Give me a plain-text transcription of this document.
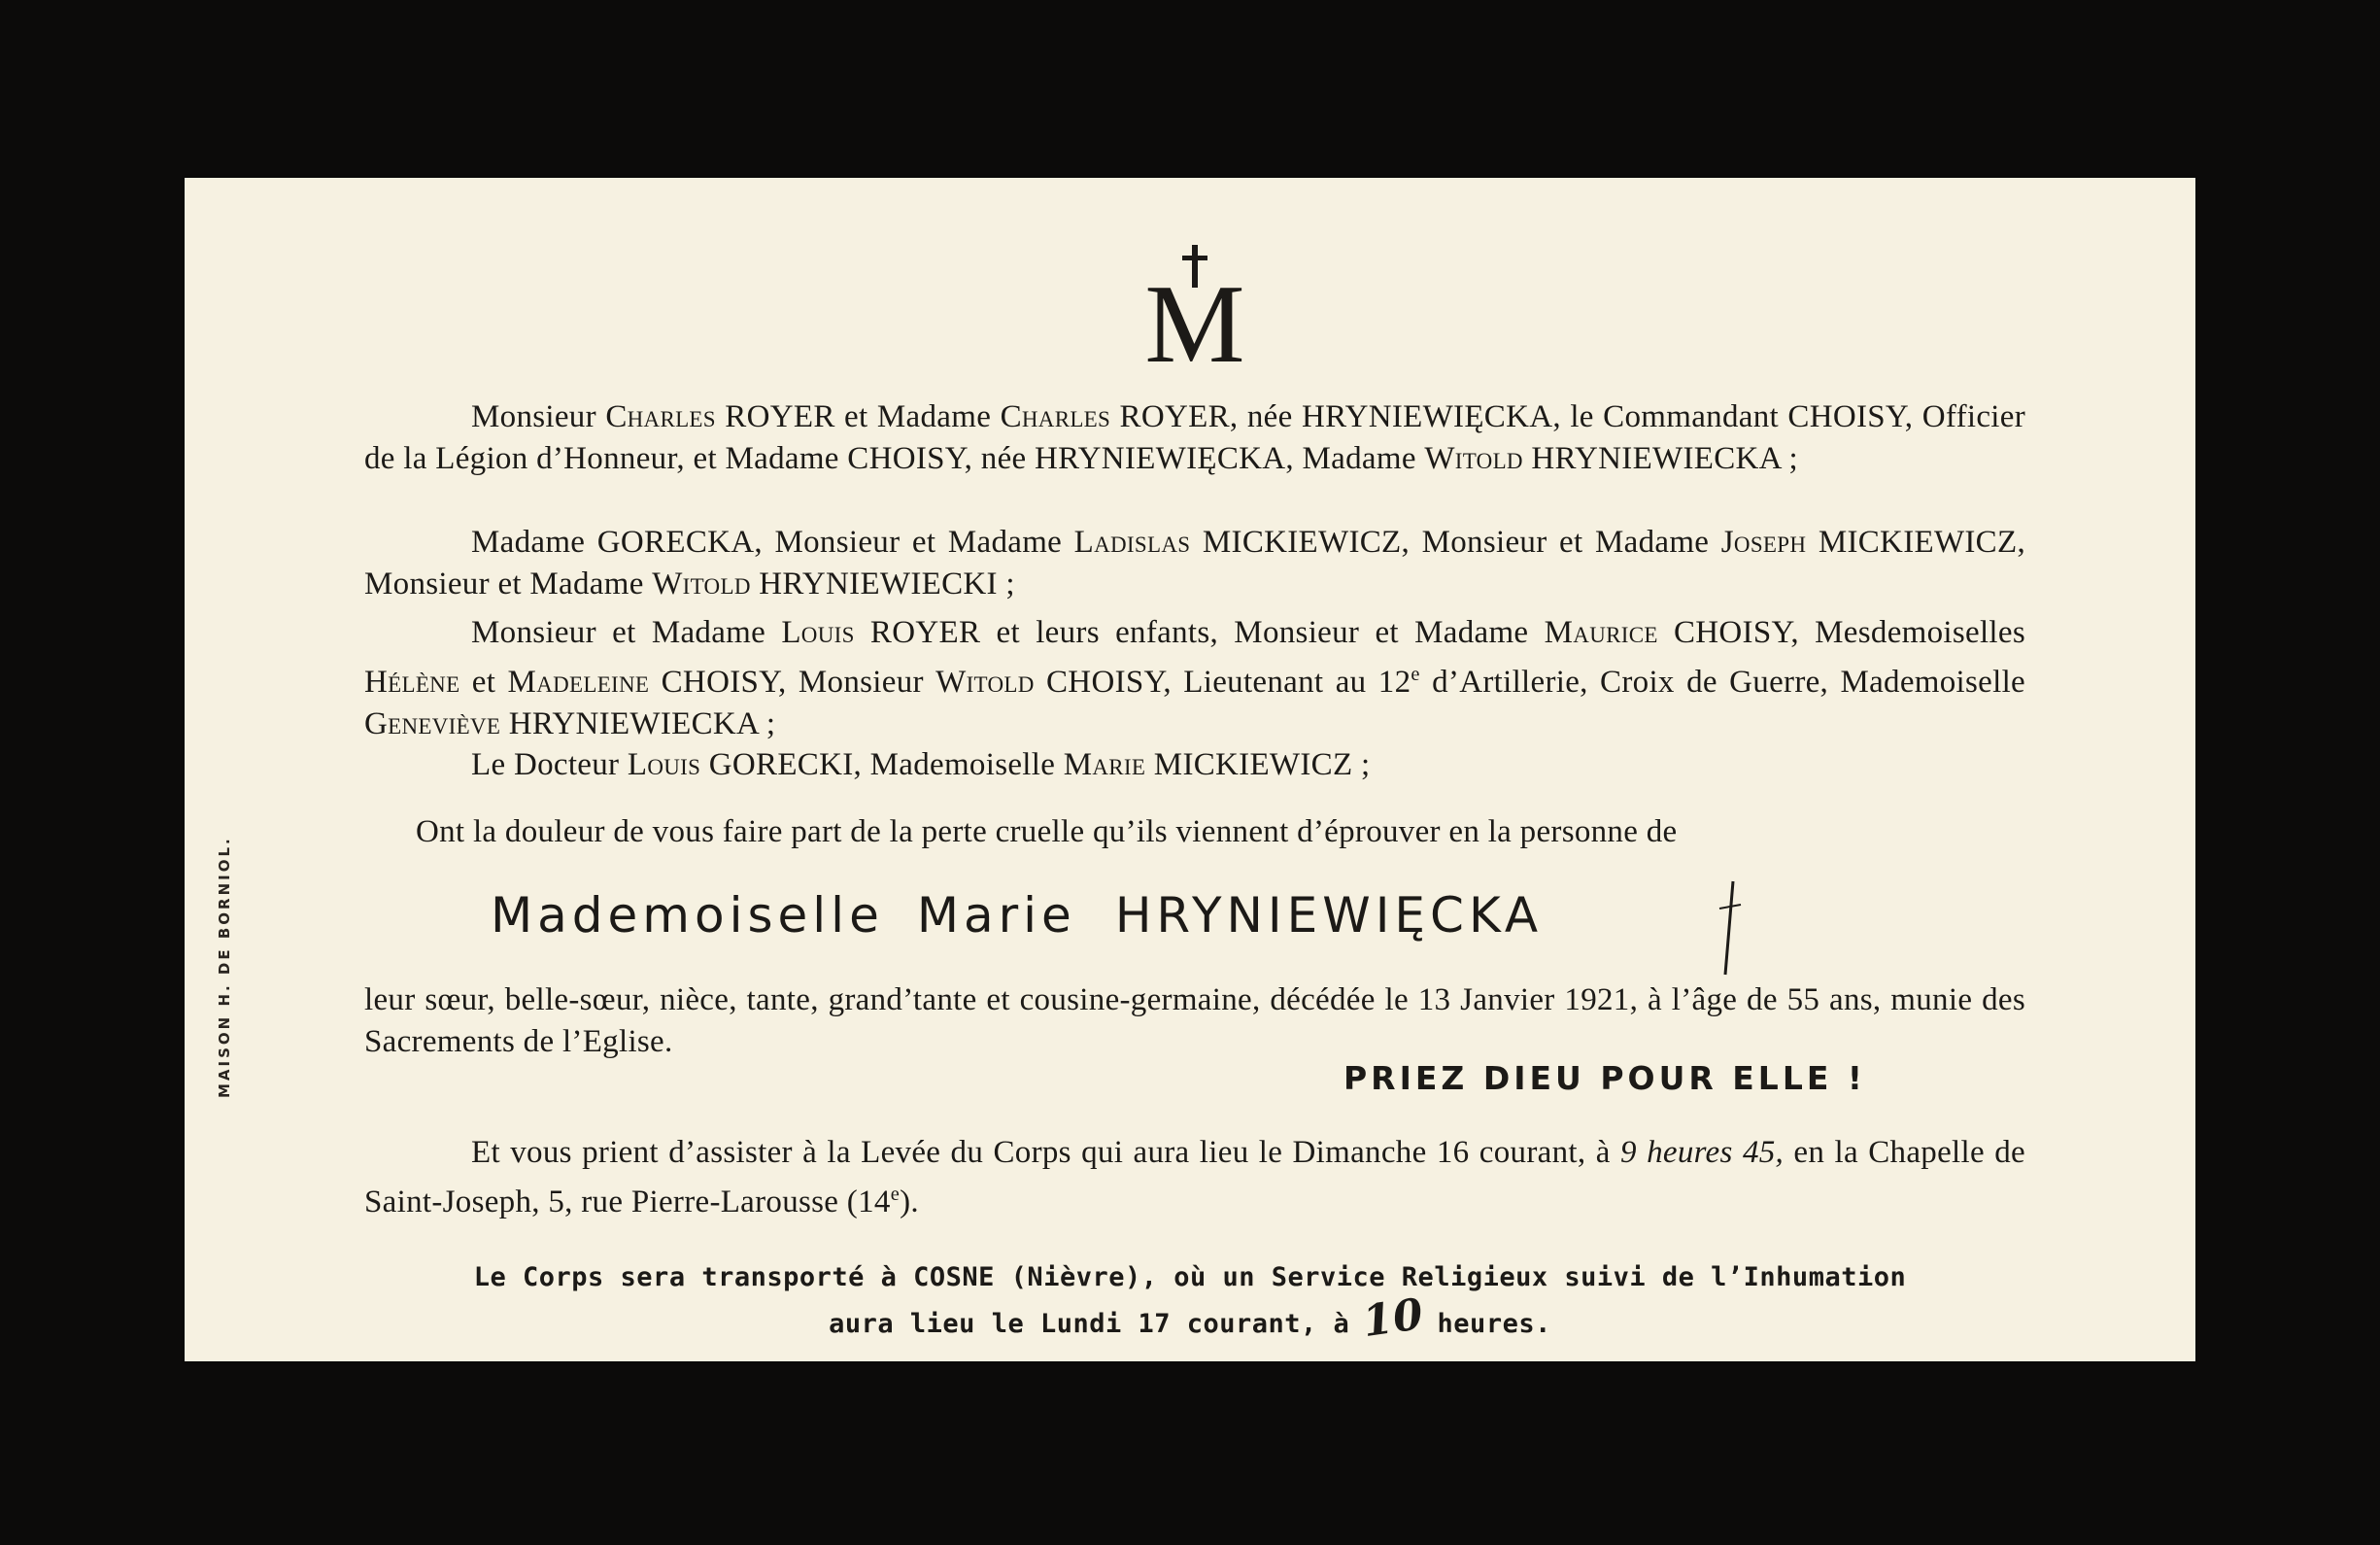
MAISON H. DE BORNIOL.
M

Monsieur Charles ROYER et Madame Charles ROYER, née HRYNIEWIĘCKA, le Commandant CHOISY, Officier de la Légion d’Honneur, et Madame CHOISY, née HRYNIEWIĘCKA, Madame Witold HRYNIEWIECKA ;

Madame GORECKA, Monsieur et Madame Ladislas MICKIEWICZ, Monsieur et Madame Joseph MICKIEWICZ, Monsieur et Madame Witold HRYNIEWIECKI ;

Monsieur et Madame Louis ROYER et leurs enfants, Monsieur et Madame Maurice CHOISY, Mesdemoiselles Hélène et Madeleine CHOISY, Monsieur Witold CHOISY, Lieutenant au 12e d’Artillerie, Croix de Guerre, Mademoiselle Geneviève HRYNIEWIECKA ;

Le Docteur Louis GORECKI, Mademoiselle Marie MICKIEWICZ ;

Ont la douleur de vous faire part de la perte cruelle qu’ils viennent d’éprouver en la personne de
Mademoiselle Marie HRYNIEWIĘCKA

leur sœur, belle-sœur, nièce, tante, grand’tante et cousine-germaine, décédée le 13 Janvier 1921, à l’âge de 55 ans, munie des Sacrements de l’Eglise.

PRIEZ DIEU POUR ELLE !

Et vous prient d’assister à la Levée du Corps qui aura lieu le Dimanche 16 courant, à 9 heures 45, en la Chapelle de Saint-Joseph, 5, rue Pierre-Larousse (14e).

Le Corps sera transporté à COSNE (Nièvre), où un Service Religieux suivi de l’Inhumation
aura lieu le Lundi 17 courant, à 10 heures.
